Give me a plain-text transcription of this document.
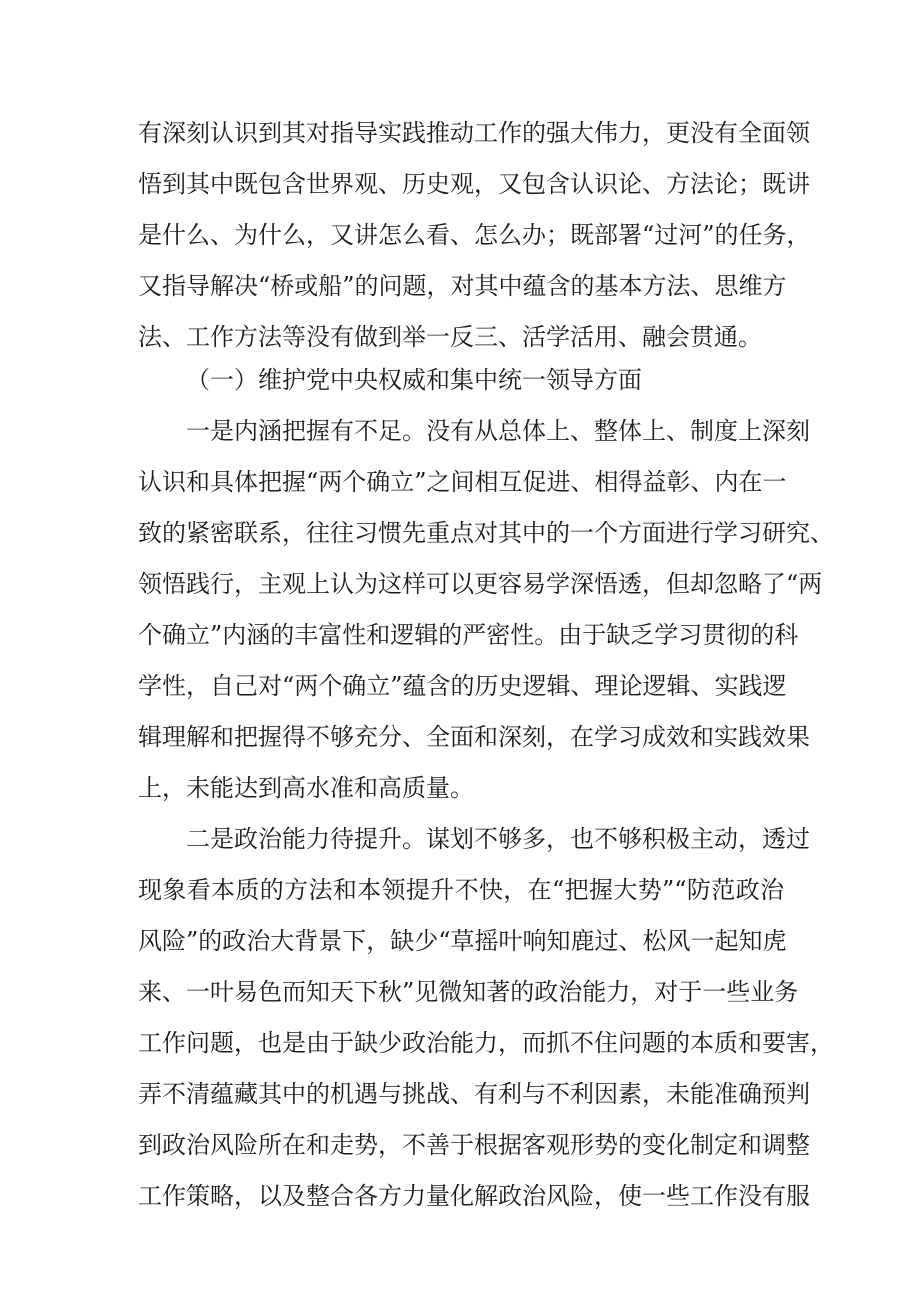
有深刻认识到其对指导实践推动工作的强大伟力，更没有全面领
悟到其中既包含世界观、历史观，又包含认识论、方法论；既讲
是什么、为什么，又讲怎么看、怎么办；既部署“过河”的任务，
又指导解决“桥或船”的问题，对其中蕴含的基本方法、思维方
法、工作方法等没有做到举一反三、活学活用、融会贯通。
（一）维护党中央权威和集中统一领导方面
一是内涵把握有不足。没有从总体上、整体上、制度上深刻
认识和具体把握“两个确立”之间相互促进、相得益彰、内在一
致的紧密联系，往往习惯先重点对其中的一个方面进行学习研究、
领悟践行，主观上认为这样可以更容易学深悟透，但却忽略了“两
个确立”内涵的丰富性和逻辑的严密性。由于缺乏学习贯彻的科
学性，自己对“两个确立”蕴含的历史逻辑、理论逻辑、实践逻
辑理解和把握得不够充分、全面和深刻，在学习成效和实践效果
上，未能达到高水准和高质量。
二是政治能力待提升。谋划不够多，也不够积极主动，透过
现象看本质的方法和本领提升不快，在“把握大势”“防范政治
风险”的政治大背景下，缺少“草摇叶响知鹿过、松风一起知虎
来、一叶易色而知天下秋”见微知著的政治能力，对于一些业务
工作问题，也是由于缺少政治能力，而抓不住问题的本质和要害，
弄不清蕴藏其中的机遇与挑战、有利与不利因素，未能准确预判
到政治风险所在和走势，不善于根据客观形势的变化制定和调整
工作策略，以及整合各方力量化解政治风险，使一些工作没有服
